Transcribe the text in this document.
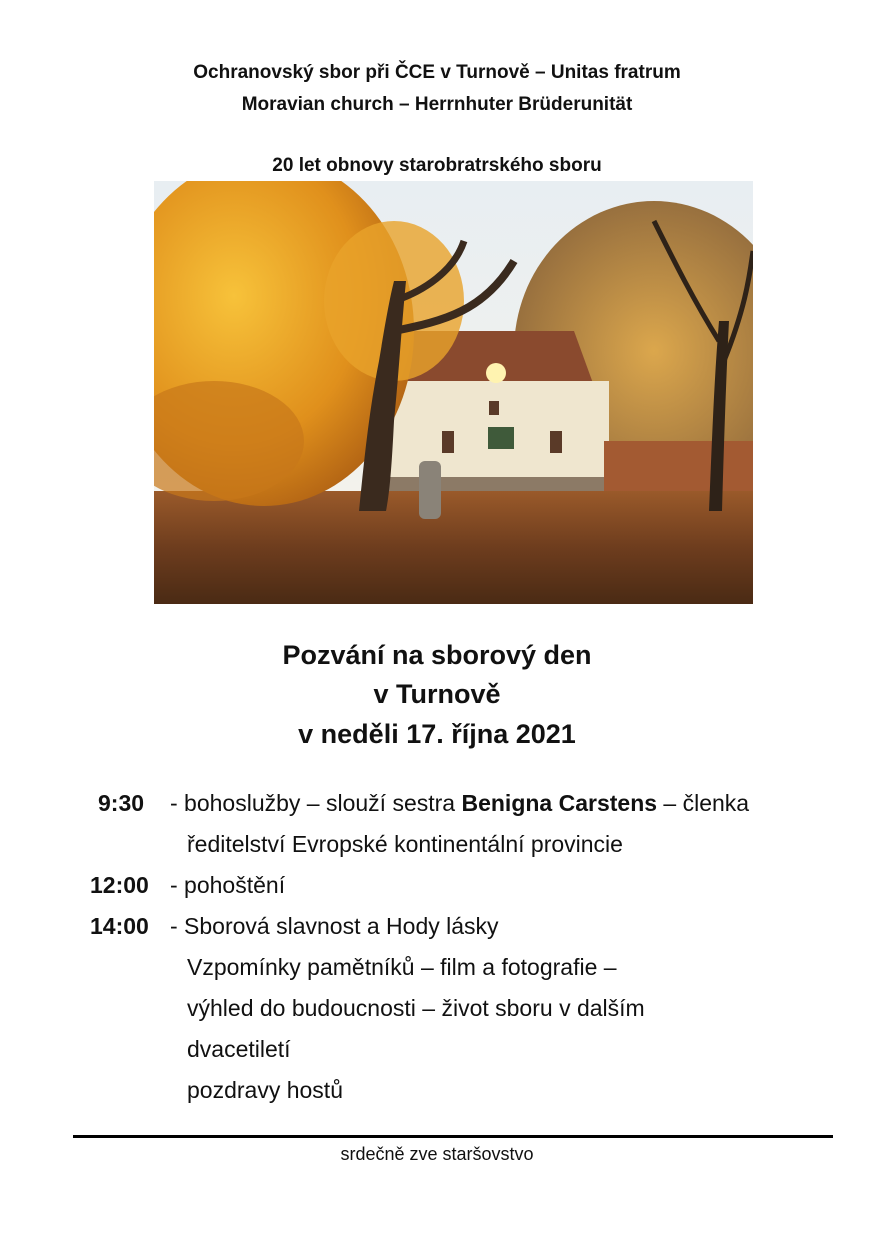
Ochranovský sbor při ČCE v Turnově – Unitas fratrum
Moravian church – Herrnhuter Brüderunität
20 let obnovy starobratrského sboru
Pozvání na sborový den
v Turnově
v neděli 17. října 2021
9:30 - bohoslužby – slouží sestra Benigna Carstens – členka
ředitelství Evropské kontinentální provincie
12:00 - pohoštění
14:00 - Sborová slavnost a Hody lásky
Vzpomínky pamětníků – film a fotografie –
výhled do budoucnosti – život sboru v dalším
dvacetiletí
pozdravy hostů
srdečně zve staršovstvo
